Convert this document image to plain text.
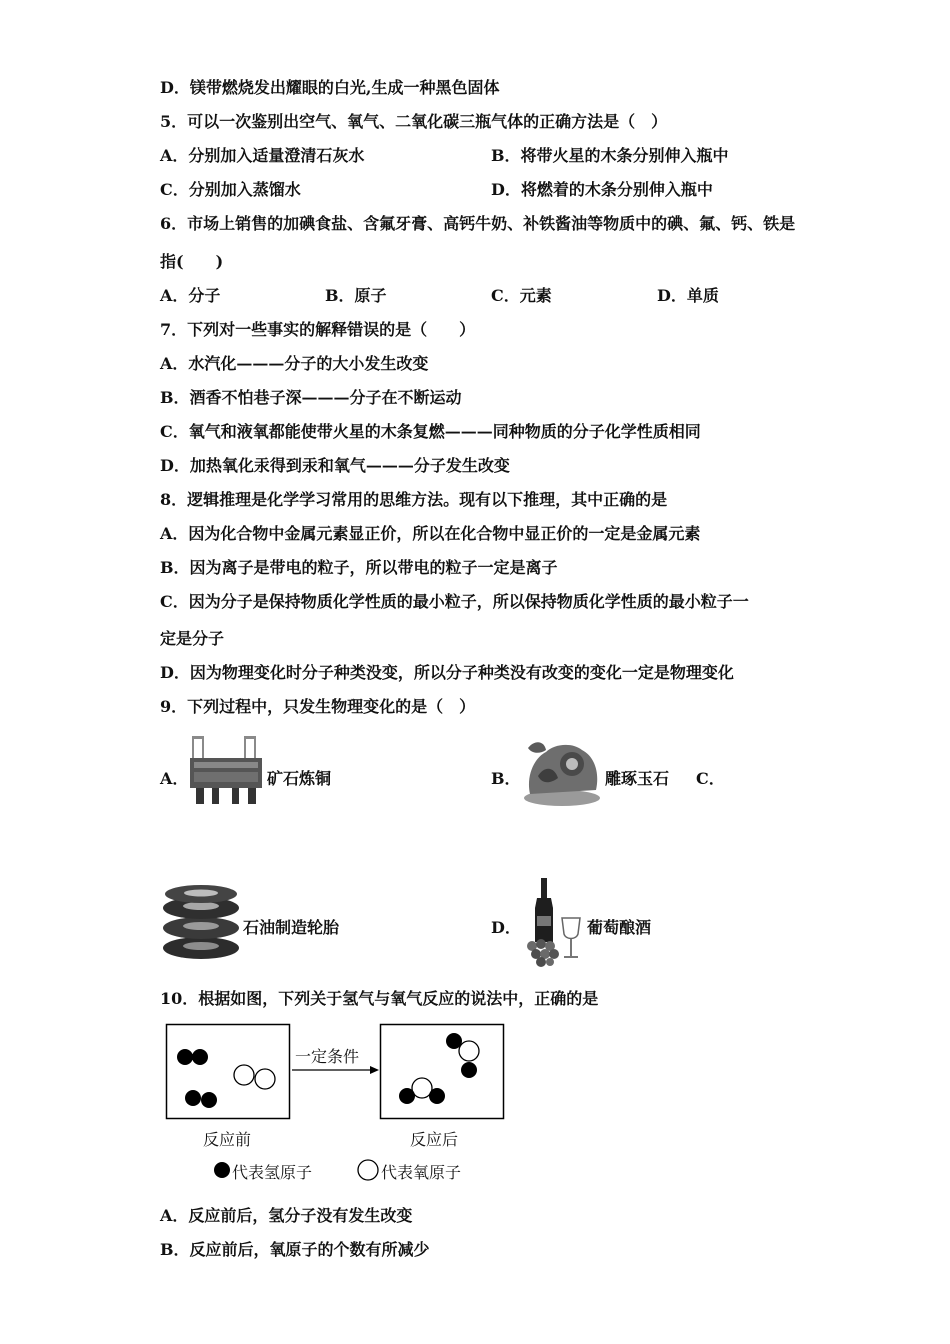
D．镁带燃烧发出耀眼的白光,生成一种黑色固体
5．可以一次鉴别出空气、氧气、二氧化碳三瓶气体的正确方法是（　）
A．分别加入适量澄清石灰水	B．将带火星的木条分别伸入瓶中
C．分别加入蒸馏水	D．将燃着的木条分别伸入瓶中
6．市场上销售的加碘食盐、含氟牙膏、高钙牛奶、补铁酱油等物质中的碘、氟、钙、铁是
指(　　)
A．分子	B．原子	C．元素	D．单质
7．下列对一些事实的解释错误的是（　　）
A．水汽化———分子的大小发生改变
B．酒香不怕巷子深———分子在不断运动
C．氧气和液氧都能使带火星的木条复燃———同种物质的分子化学性质相同
D．加热氧化汞得到汞和氧气———分子发生改变
8．逻辑推理是化学学习常用的思维方法。现有以下推理，其中正确的是
A．因为化合物中金属元素显正价，所以在化合物中显正价的一定是金属元素
B．因为离子是带电的粒子，所以带电的粒子一定是离子
C．因为分子是保持物质化学性质的最小粒子，所以保持物质化学性质的最小粒子一
定是分子
D．因为物理变化时分子种类没变，所以分子种类没有改变的变化一定是物理变化
9．下列过程中，只发生物理变化的是（　）
A．	矿石炼铜	B．	雕琢玉石 C．
石油制造轮胎	D．	葡萄酿酒
10．根据如图，下列关于氢气与氧气反应的说法中，正确的是
一定条件
反应前	反应后
代表氢原子	代表氧原子
A．反应前后，氢分子没有发生改变
B．反应前后，氧原子的个数有所减少
